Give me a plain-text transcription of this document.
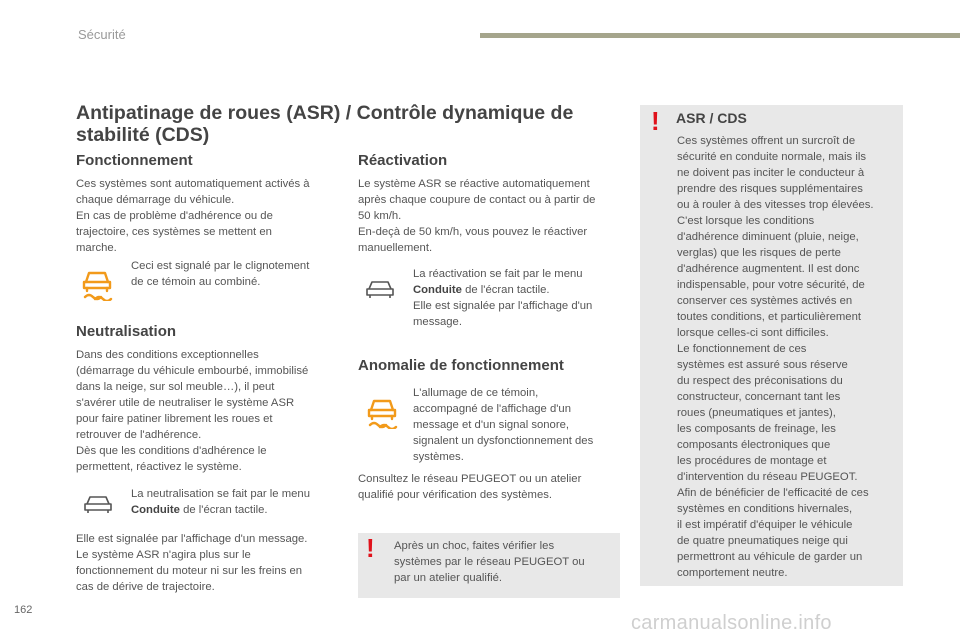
Sécurité
Antipatinage de roues (ASR) / Contrôle dynamique de
stabilité (CDS)
Fonctionnement
Ces systèmes sont automatiquement activés à
chaque démarrage du véhicule.
En cas de problème d'adhérence ou de
trajectoire, ces systèmes se mettent en
marche.
Ceci est signalé par le clignotement
de ce témoin au combiné.
Neutralisation
Dans des conditions exceptionnelles
(démarrage du véhicule embourbé, immobilisé
dans la neige, sur sol meuble…), il peut
s'avérer utile de neutraliser le système ASR
pour faire patiner librement les roues et
retrouver de l'adhérence.
Dès que les conditions d'adhérence le
permettent, réactivez le système.
La neutralisation se fait par le menu
Conduite de l'écran tactile.
Elle est signalée par l'affichage d'un message.
Le système ASR n'agira plus sur le
fonctionnement du moteur ni sur les freins en
cas de dérive de trajectoire.
Réactivation
Le système ASR se réactive automatiquement
après chaque coupure de contact ou à partir de
50 km/h.
En-deçà de 50 km/h, vous pouvez le réactiver
manuellement.
La réactivation se fait par le menu
Conduite de l'écran tactile.
Elle est signalée par l'affichage d'un
message.
Anomalie de fonctionnement
L'allumage de ce témoin,
accompagné de l'affichage d'un
message et d'un signal sonore,
signalent un dysfonctionnement des
systèmes.
Consultez le réseau PEUGEOT ou un atelier
qualifié pour vérification des systèmes.
! Après un choc, faites vérifier les
systèmes par le réseau PEUGEOT ou
par un atelier qualifié.
! ASR / CDS
Ces systèmes offrent un surcroît de
sécurité en conduite normale, mais ils
ne doivent pas inciter le conducteur à
prendre des risques supplémentaires
ou à rouler à des vitesses trop élevées.
C'est lorsque les conditions
d'adhérence diminuent (pluie, neige,
verglas) que les risques de perte
d'adhérence augmentent. Il est donc
indispensable, pour votre sécurité, de
conserver ces systèmes activés en
toutes conditions, et particulièrement
lorsque celles-ci sont difficiles.
Le fonctionnement de ces
systèmes est assuré sous réserve
du respect des préconisations du
constructeur, concernant tant les
roues (pneumatiques et jantes),
les composants de freinage, les
composants électroniques que
les procédures de montage et
d'intervention du réseau PEUGEOT.
Afin de bénéficier de l'efficacité de ces
systèmes en conditions hivernales,
il est impératif d'équiper le véhicule
de quatre pneumatiques neige qui
permettront au véhicule de garder un
comportement neutre.
162
carmanualsonline.info
